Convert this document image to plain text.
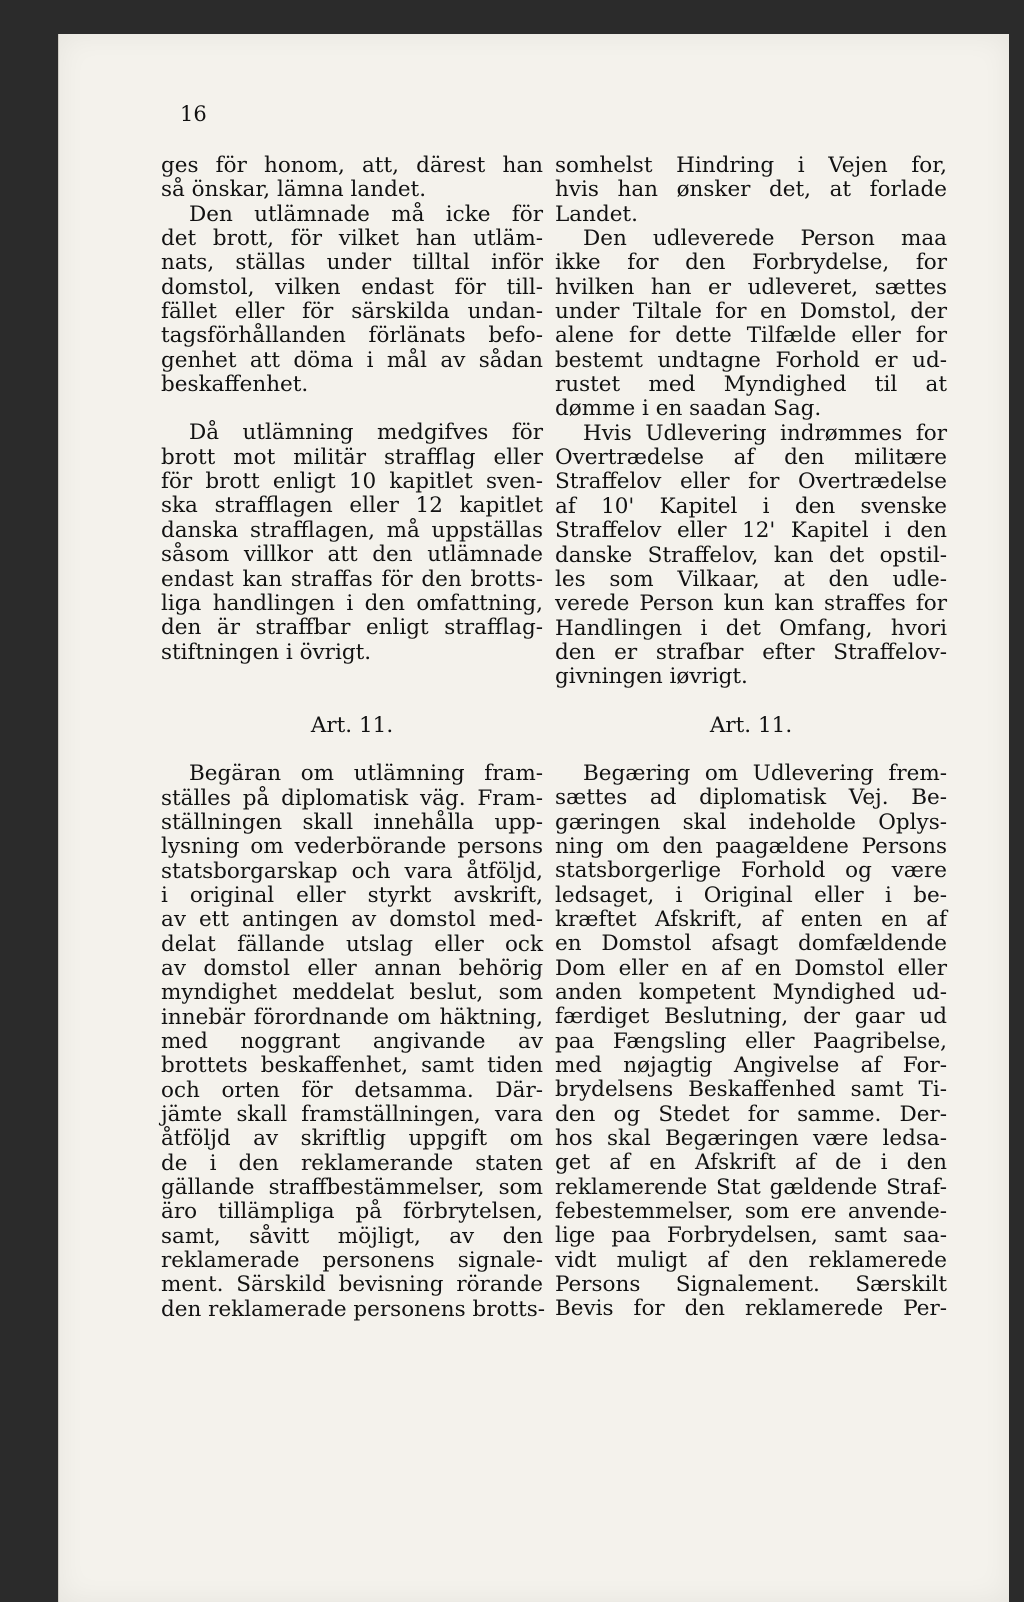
16
ges för honom, att, därest han
så önskar, lämna landet.
Den utlämnade må icke för
det brott, för vilket han utläm-
nats, ställas under tilltal inför
domstol, vilken endast för till-
fället eller för särskilda undan-
tagsförhållanden förlänats befo-
genhet att döma i mål av sådan
beskaffenhet.
Då utlämning medgifves för
brott mot militär strafflag eller
för brott enligt 10 kapitlet sven-
ska strafflagen eller 12 kapitlet
danska strafflagen, må uppställas
såsom villkor att den utlämnade
endast kan straffas för den brotts-
liga handlingen i den omfattning,
den är straffbar enligt strafflag-
stiftningen i övrigt.
Art. 11.
Begäran om utlämning fram-
ställes på diplomatisk väg. Fram-
ställningen skall innehålla upp-
lysning om vederbörande persons
statsborgarskap och vara åtföljd,
i original eller styrkt avskrift,
av ett antingen av domstol med-
delat fällande utslag eller ock
av domstol eller annan behörig
myndighet meddelat beslut, som
innebär förordnande om häktning,
med noggrant angivande av
brottets beskaffenhet, samt tiden
och orten för detsamma. Där-
jämte skall framställningen, vara
åtföljd av skriftlig uppgift om
de i den reklamerande staten
gällande straffbestämmelser, som
äro tillämpliga på förbrytelsen,
samt, såvitt möjligt, av den
reklamerade personens signale-
ment. Särskild bevisning rörande
den reklamerade personens brotts-
somhelst Hindring i Vejen for,
hvis han ønsker det, at forlade
Landet.
Den udleverede Person maa
ikke for den Forbrydelse, for
hvilken han er udleveret, sættes
under Tiltale for en Domstol, der
alene for dette Tilfælde eller for
bestemt undtagne Forhold er ud-
rustet med Myndighed til at
dømme i en saadan Sag.
Hvis Udlevering indrømmes for
Overtrædelse af den militære
Straffelov eller for Overtrædelse
af 10' Kapitel i den svenske
Straffelov eller 12' Kapitel i den
danske Straffelov, kan det opstil-
les som Vilkaar, at den udle-
verede Person kun kan straffes for
Handlingen i det Omfang, hvori
den er strafbar efter Straffelov-
givningen iøvrigt.
Art. 11.
Begæring om Udlevering frem-
sættes ad diplomatisk Vej. Be-
gæringen skal indeholde Oplys-
ning om den paagældene Persons
statsborgerlige Forhold og være
ledsaget, i Original eller i be-
kræftet Afskrift, af enten en af
en Domstol afsagt domfældende
Dom eller en af en Domstol eller
anden kompetent Myndighed ud-
færdiget Beslutning, der gaar ud
paa Fængsling eller Paagribelse,
med nøjagtig Angivelse af For-
brydelsens Beskaffenhed samt Ti-
den og Stedet for samme. Der-
hos skal Begæringen være ledsa-
get af en Afskrift af de i den
reklamerende Stat gældende Straf-
febestemmelser, som ere anvende-
lige paa Forbrydelsen, samt saa-
vidt muligt af den reklamerede
Persons Signalement. Særskilt
Bevis for den reklamerede Per-
